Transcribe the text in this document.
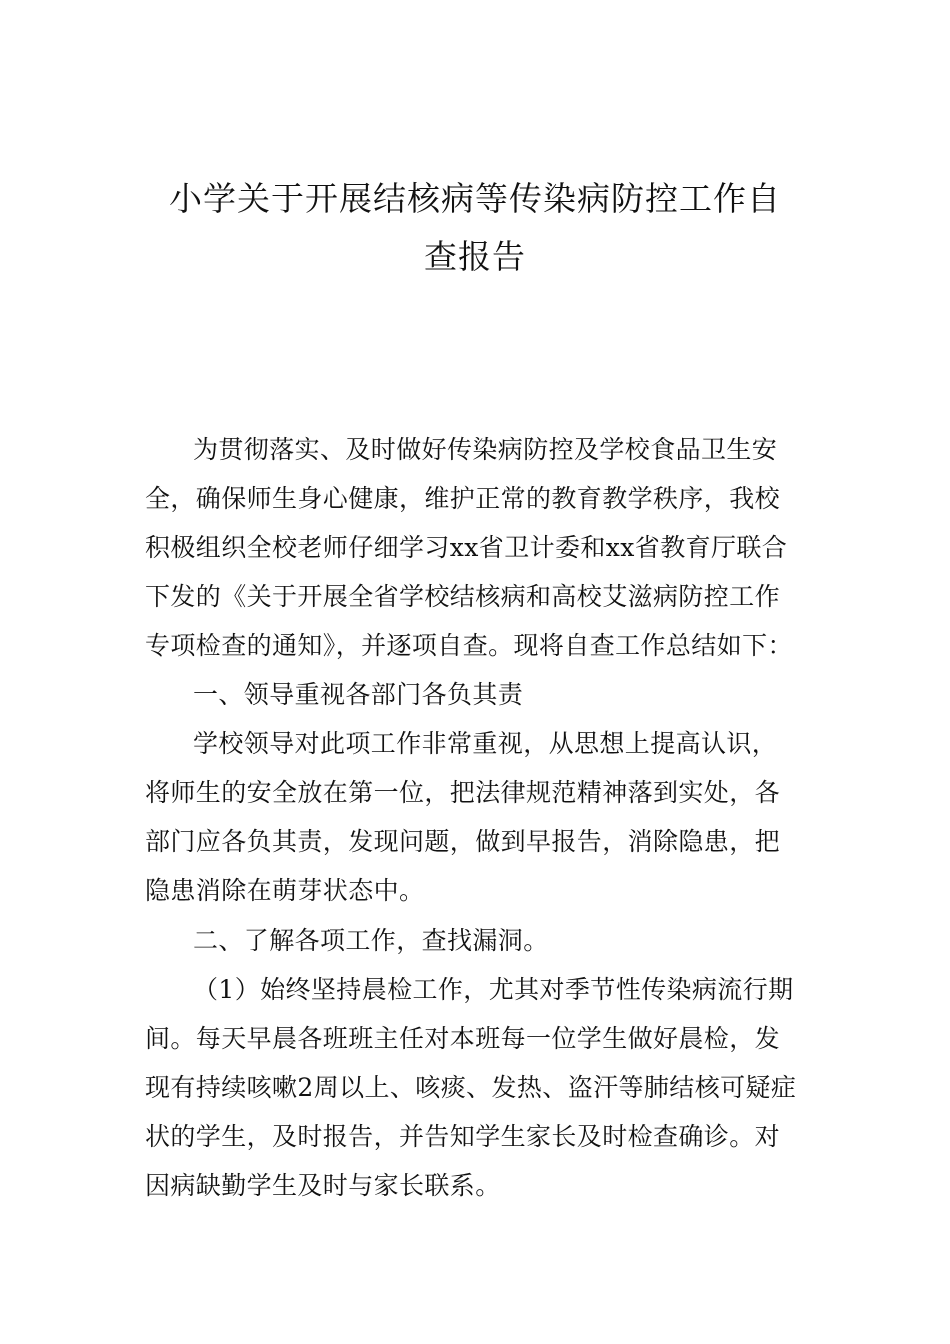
小学关于开展结核病等传染病防控工作自
查报告
为贯彻落实、及时做好传染病防控及学校食品卫生安
全，确保师生身心健康，维护正常的教育教学秩序，我校
积极组织全校老师仔细学习xx省卫计委和xx省教育厅联合
下发的《关于开展全省学校结核病和高校艾滋病防控工作
专项检查的通知》，并逐项自查。现将自查工作总结如下：
一、领导重视各部门各负其责
学校领导对此项工作非常重视，从思想上提高认识，
将师生的安全放在第一位，把法律规范精神落到实处，各
部门应各负其责，发现问题，做到早报告，消除隐患，把
隐患消除在萌芽状态中。
二、了解各项工作，查找漏洞。
（1）始终坚持晨检工作，尤其对季节性传染病流行期
间。每天早晨各班班主任对本班每一位学生做好晨检，发
现有持续咳嗽2周以上、咳痰、发热、盗汗等肺结核可疑症
状的学生，及时报告，并告知学生家长及时检查确诊。对
因病缺勤学生及时与家长联系。
